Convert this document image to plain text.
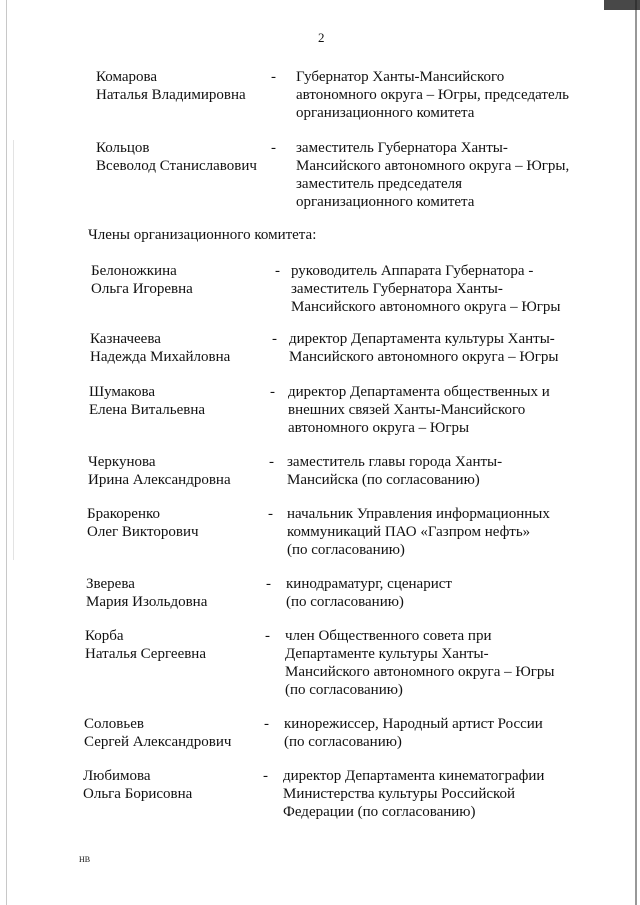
2
Комарова
Наталья Владимировна
- Губернатор Ханты-Мансийского
автономного округа – Югры, председатель
организационного комитета
Кольцов
Всеволод Станиславович
- заместитель Губернатора Ханты-
Мансийского автономного округа – Югры,
заместитель председателя
организационного комитета
Члены организационного комитета:
Белоножкина
Ольга Игоревна
- руководитель Аппарата Губернатора -
заместитель Губернатора Ханты-
Мансийского автономного округа – Югры
Казначеева
Надежда Михайловна
- директор Департамента культуры Ханты-
Мансийского автономного округа – Югры
Шумакова
Елена Витальевна
- директор Департамента общественных и
внешних связей Ханты-Мансийского
автономного округа – Югры
Черкунова
Ирина Александровна
- заместитель главы города Ханты-
Мансийска (по согласованию)
Бракоренко
Олег Викторович
- начальник Управления информационных
коммуникаций ПАО «Газпром нефть»
(по согласованию)
Зверева
Мария Изольдовна
- кинодраматург, сценарист
(по согласованию)
Корба
Наталья Сергеевна
- член Общественного совета при
Департаменте культуры Ханты-
Мансийского автономного округа – Югры
(по согласованию)
Соловьев
Сергей Александрович
- кинорежиссер, Народный артист России
(по согласованию)
Любимова
Ольга Борисовна
- директор Департамента кинематографии
Министерства культуры Российской
Федерации (по согласованию)
HB
